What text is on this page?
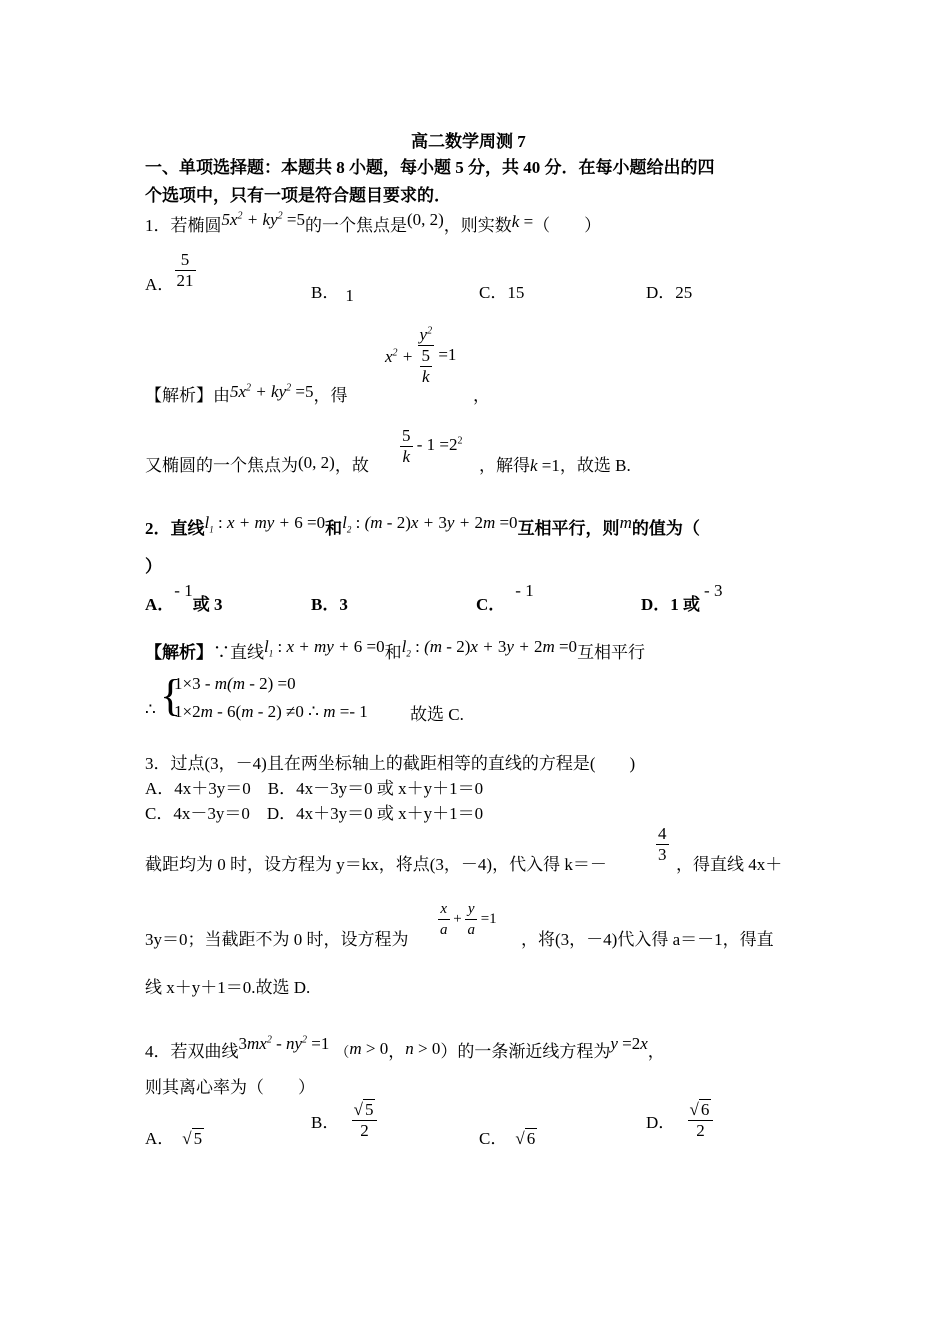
高二数学周测 7
一、单项选择题：本题共 8 小题，每小题 5 分，共 40 分．在每小题给出的四
个选项中，只有一项是符合题目要求的．
1．若椭圆$5x^2 + ky^2 =5$的一个焦点是(0, 2)，则实数k =（　　）
A． $\frac{5}{21}$
B． 1	C．15	D．25
$x^2 + y^2$
5
k =1
【解析】由$5x^2 + ky^2 =5$，得	，
又椭圆的一个焦点为(0, 2)，故 $\frac{5}{k} - 1 =2^2$
，解得k =1，故选 B.
2．直线$l_1$ : x + my + 6 =0和$l_2$ : (m - 2)x + 3y + 2m =0互相平行，则m的值为（
）
A．- 1或 3	B．3	C．- 1
D．1 或- 3
【解析】∵直线$l_1$ : x + my + 6 =0和$l_2$ : (m - 2)x + 3y + 2m =0互相平行
∴ {
1×3 - m(m - 2) =0
1×2m - 6(m - 2) ≠0 ∴ m =- 1 故选 C.
3．过点(3，－4)且在两坐标轴上的截距相等的直线的方程是(　　)
A．4x＋3y＝0　B．4x－3y＝0 或 x＋y＋1＝0
C．4x－3y＝0　D．4x＋3y＝0 或 x＋y＋1＝0
截距均为 0 时，设方程为 y＝kx，将点(3，－4)，代入得 k＝－	$\frac{4}{3}$ ，得直线 4x＋
3y＝0；当截距不为 0 时，设方程为 $\frac{x}{a} + \frac{y}{a} =1$
，将(3，－4)代入得 a＝－1，得直
线 x＋y＋1＝0.故选 D.
4．若双曲线$3mx^2 - ny^2 =1(m > 0$，n > 0）的一条渐近线方程为y =2x，
则其离心率为（　　）
A． √ 5
B． $\frac{√ 5}{2}$	C． √ 6
D． $\frac{√ 6}{2}$
